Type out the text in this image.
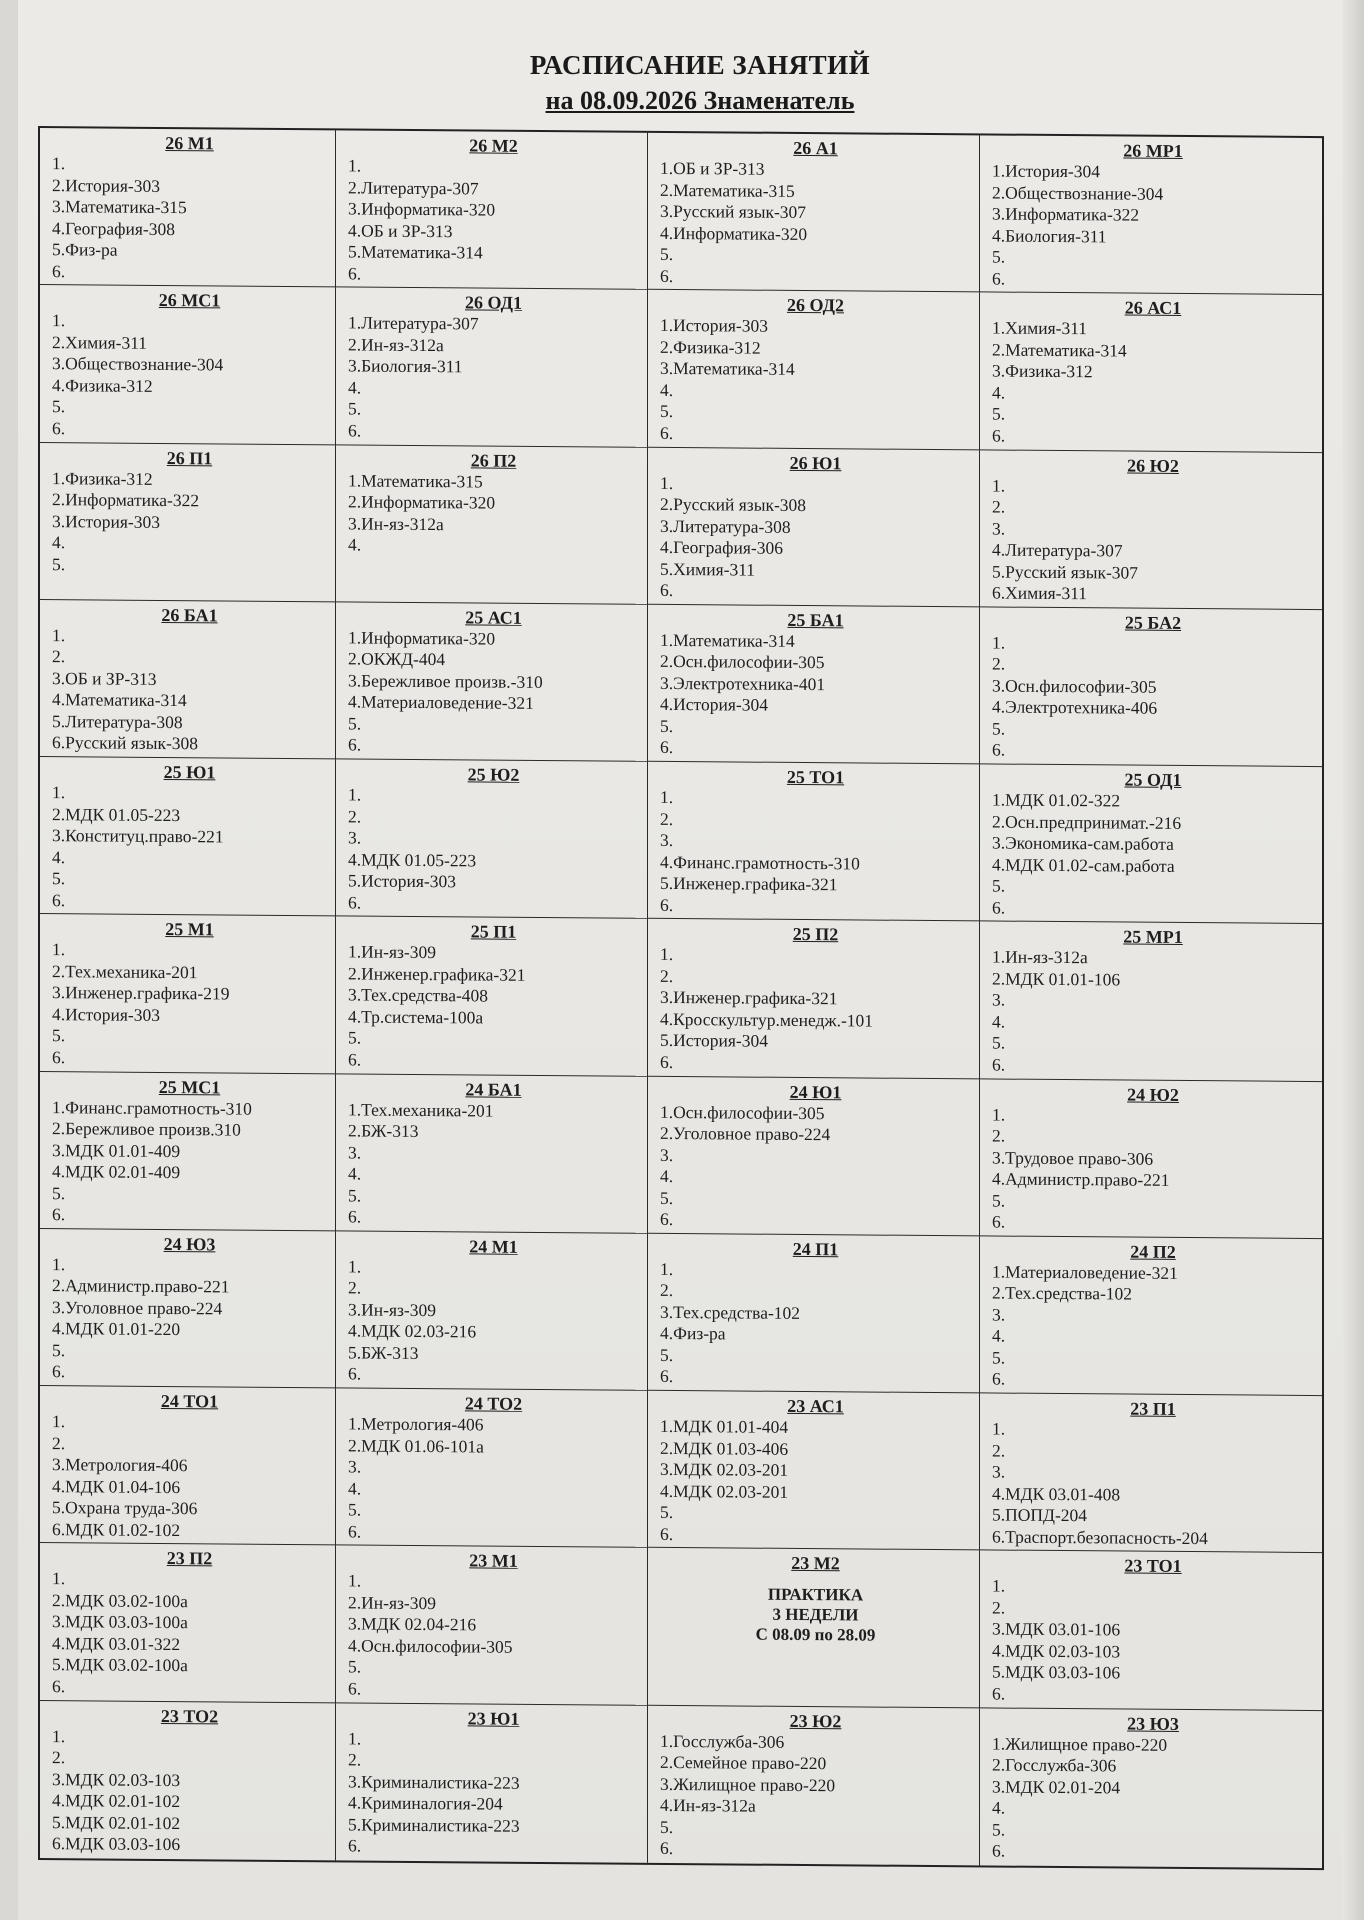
РАСПИСАНИЕ ЗАНЯТИЙ
на 08.09.2026 Знаменатель
26 М1
1.
2.История-303
3.Математика-315
4.География-308
5.Физ-ра
6.
26 М2
1.
2.Литература-307
3.Информатика-320
4.ОБ и ЗР-313
5.Математика-314
6.
26 А1
1.ОБ и ЗР-313
2.Математика-315
3.Русский язык-307
4.Информатика-320
5.
6.
26 МР1
1.История-304
2.Обществознание-304
3.Информатика-322
4.Биология-311
5.
6.
26 МС1
1.
2.Химия-311
3.Обществознание-304
4.Физика-312
5.
6.
26 ОД1
1.Литература-307
2.Ин-яз-312а
3.Биология-311
4.
5.
6.
26 ОД2
1.История-303
2.Физика-312
3.Математика-314
4.
5.
6.
26 АС1
1.Химия-311
2.Математика-314
3.Физика-312
4.
5.
6.
26 П1
1.Физика-312
2.Информатика-322
3.История-303
4.
5.
26 П2
1.Математика-315
2.Информатика-320
3.Ин-яз-312а
4.
26 Ю1
1.
2.Русский язык-308
3.Литература-308
4.География-306
5.Химия-311
6.
26 Ю2
1.
2.
3.
4.Литература-307
5.Русский язык-307
6.Химия-311
26 БА1
1.
2.
3.ОБ и ЗР-313
4.Математика-314
5.Литература-308
6.Русский язык-308
25 АС1
1.Информатика-320
2.ОКЖД-404
3.Бережливое произв.-310
4.Материаловедение-321
5.
6.
25 БА1
1.Математика-314
2.Осн.философии-305
3.Электротехника-401
4.История-304
5.
6.
25 БА2
1.
2.
3.Осн.философии-305
4.Электротехника-406
5.
6.
25 Ю1
1.
2.МДК 01.05-223
3.Конституц.право-221
4.
5.
6.
25 Ю2
1.
2.
3.
4.МДК 01.05-223
5.История-303
6.
25 ТО1
1.
2.
3.
4.Финанс.грамотность-310
5.Инженер.графика-321
6.
25 ОД1
1.МДК 01.02-322
2.Осн.предпринимат.-216
3.Экономика-сам.работа
4.МДК 01.02-сам.работа
5.
6.
25 М1
1.
2.Тех.механика-201
3.Инженер.графика-219
4.История-303
5.
6.
25 П1
1.Ин-яз-309
2.Инженер.графика-321
3.Тех.средства-408
4.Тр.система-100а
5.
6.
25 П2
1.
2.
3.Инженер.графика-321
4.Кросскультур.менедж.-101
5.История-304
6.
25 МР1
1.Ин-яз-312а
2.МДК 01.01-106
3.
4.
5.
6.
25 МС1
1.Финанс.грамотность-310
2.Бережливое произв.310
3.МДК 01.01-409
4.МДК 02.01-409
5.
6.
24 БА1
1.Тех.механика-201
2.БЖ-313
3.
4.
5.
6.
24 Ю1
1.Осн.философии-305
2.Уголовное право-224
3.
4.
5.
6.
24 Ю2
1.
2.
3.Трудовое право-306
4.Администр.право-221
5.
6.
24 Ю3
1.
2.Администр.право-221
3.Уголовное право-224
4.МДК 01.01-220
5.
6.
24 М1
1.
2.
3.Ин-яз-309
4.МДК 02.03-216
5.БЖ-313
6.
24 П1
1.
2.
3.Тех.средства-102
4.Физ-ра
5.
6.
24 П2
1.Материаловедение-321
2.Тех.средства-102
3.
4.
5.
6.
24 ТО1
1.
2.
3.Метрология-406
4.МДК 01.04-106
5.Охрана труда-306
6.МДК 01.02-102
24 ТО2
1.Метрология-406
2.МДК 01.06-101а
3.
4.
5.
6.
23 АС1
1.МДК 01.01-404
2.МДК 01.03-406
3.МДК 02.03-201
4.МДК 02.03-201
5.
6.
23 П1
1.
2.
3.
4.МДК 03.01-408
5.ПОПД-204
6.Траспорт.безопасность-204
23 П2
1.
2.МДК 03.02-100а
3.МДК 03.03-100а
4.МДК 03.01-322
5.МДК 03.02-100а
6.
23 М1
1.
2.Ин-яз-309
3.МДК 02.04-216
4.Осн.философии-305
5.
6.
23 М2
ПРАКТИКА
3 НЕДЕЛИ
С 08.09 по 28.09
23 ТО1
1.
2.
3.МДК 03.01-106
4.МДК 02.03-103
5.МДК 03.03-106
6.
23 ТО2
1.
2.
3.МДК 02.03-103
4.МДК 02.01-102
5.МДК 02.01-102
6.МДК 03.03-106
23 Ю1
1.
2.
3.Криминалистика-223
4.Криминалогия-204
5.Криминалистика-223
6.
23 Ю2
1.Госслужба-306
2.Семейное право-220
3.Жилищное право-220
4.Ин-яз-312а
5.
6.
23 Ю3
1.Жилищное право-220
2.Госслужба-306
3.МДК 02.01-204
4.
5.
6.
